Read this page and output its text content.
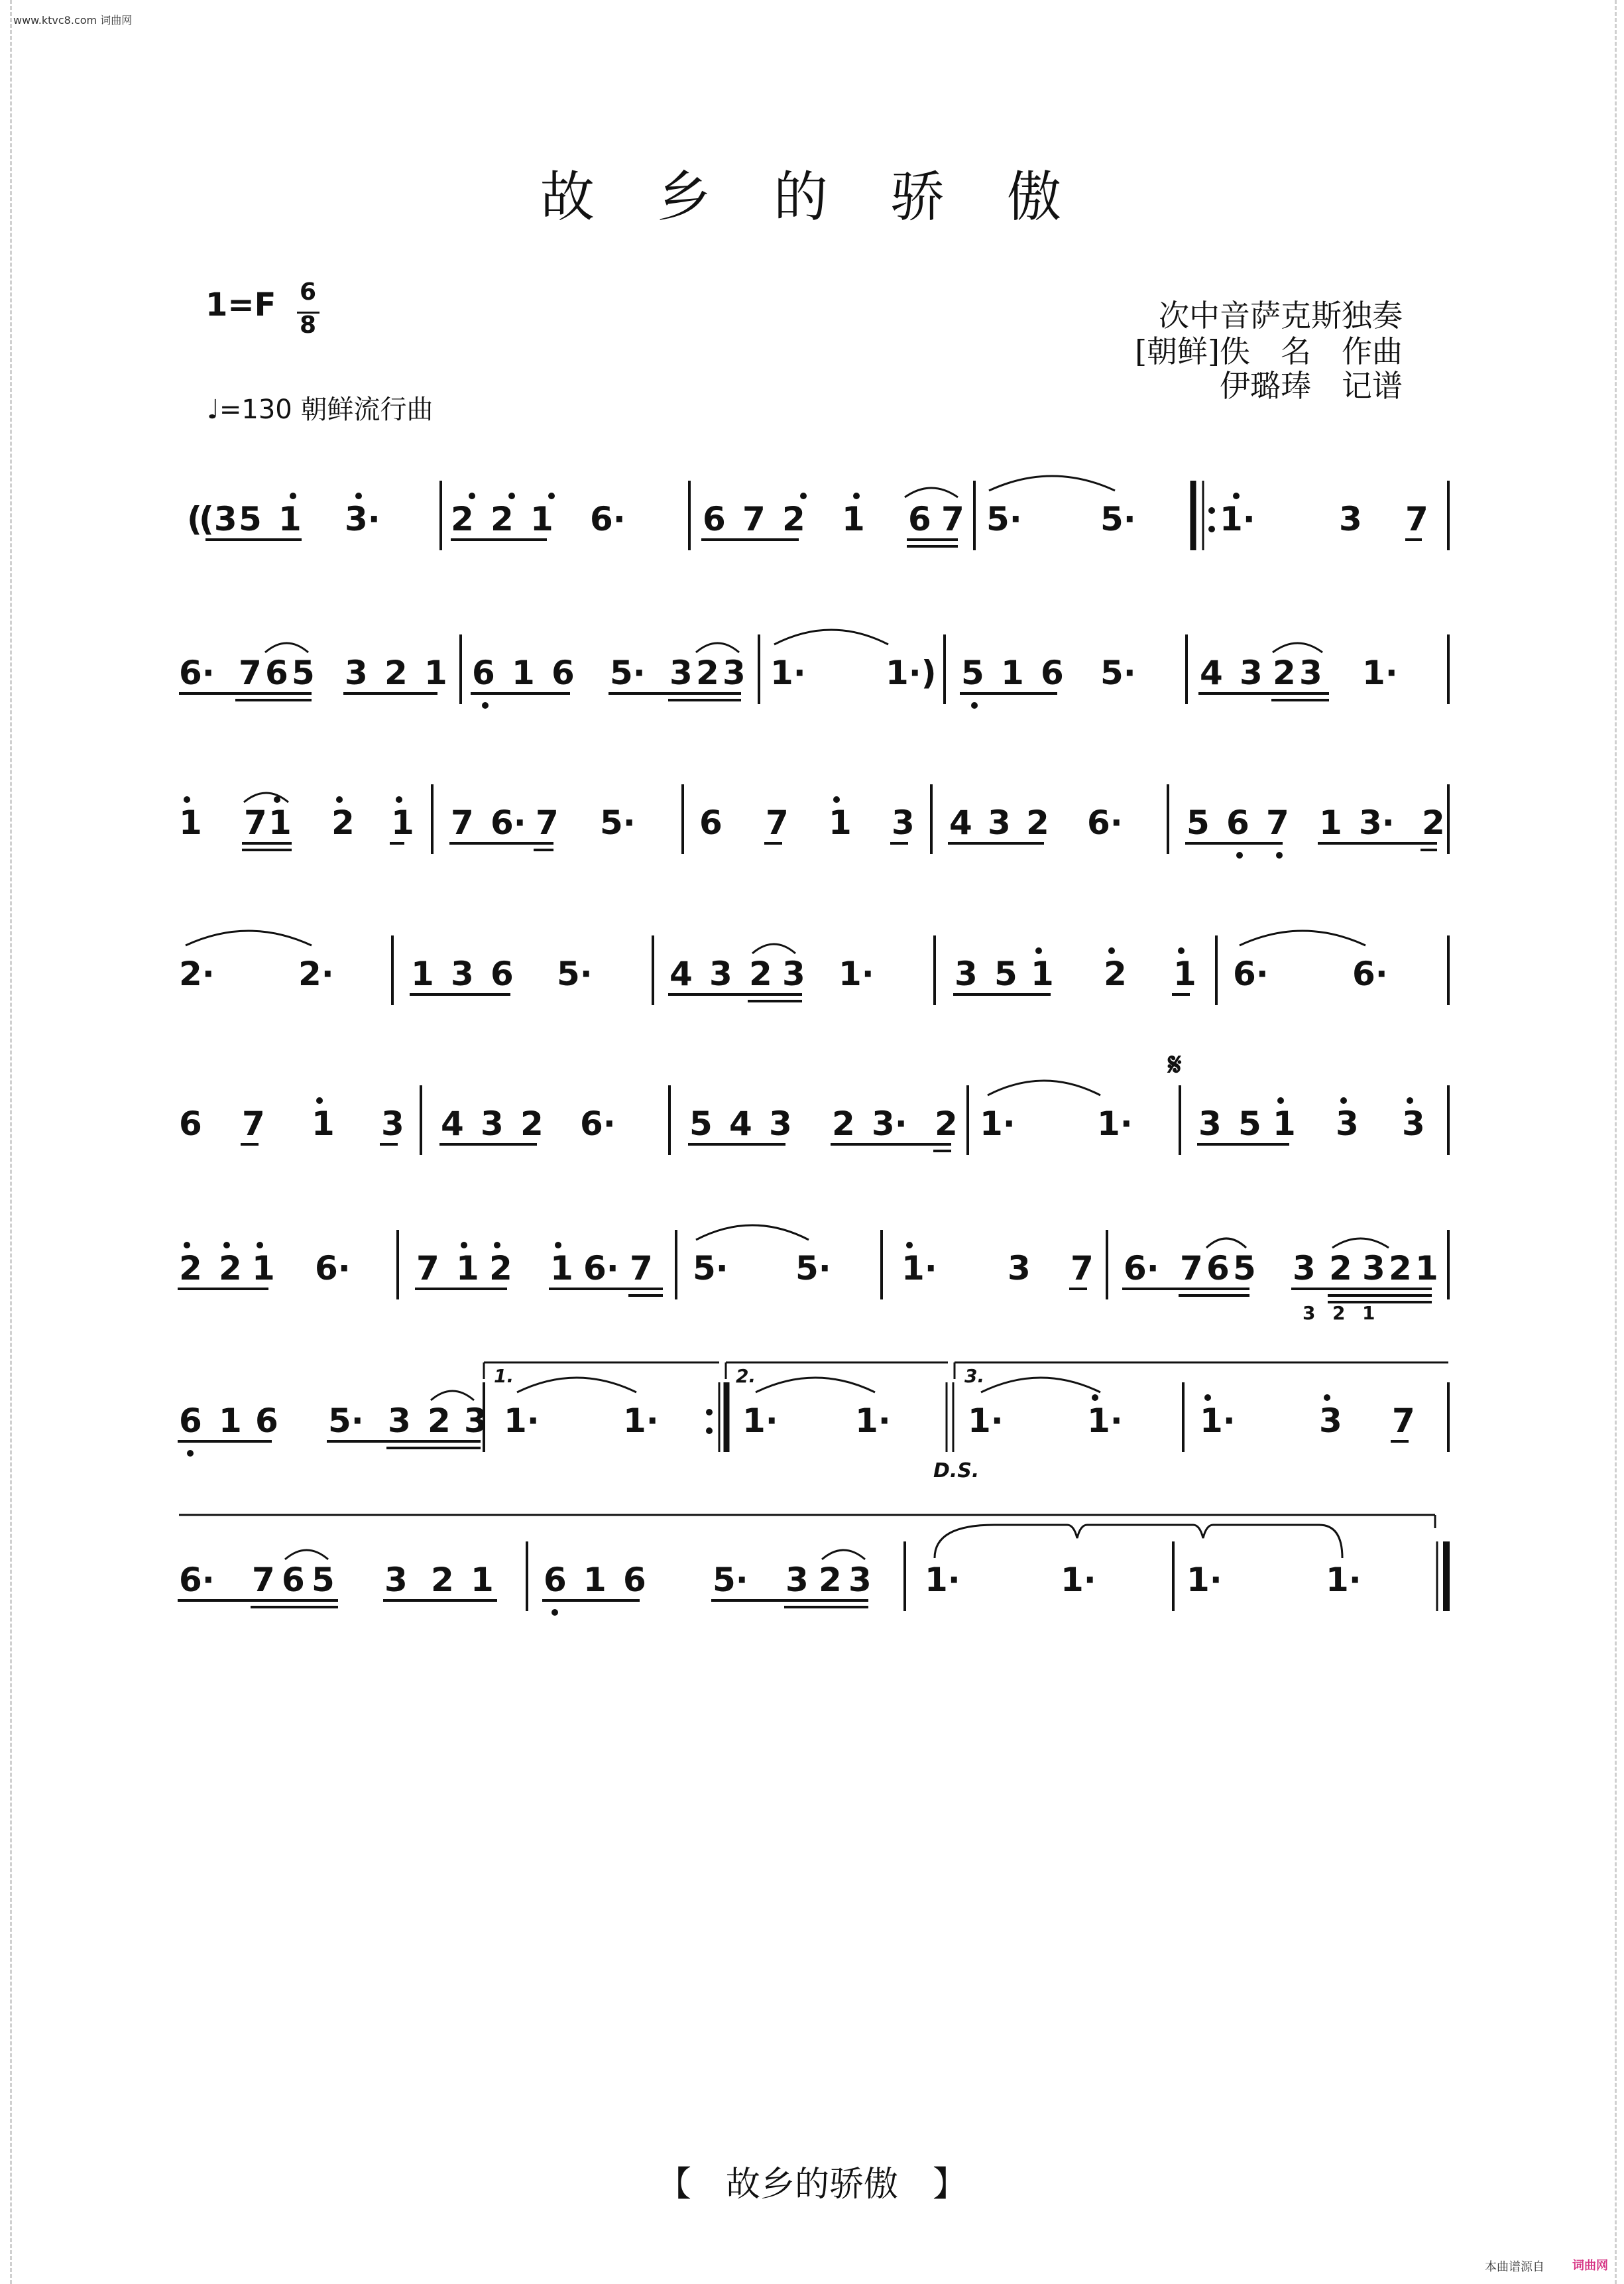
www.ktvc8.com 词曲网
故 乡 的 骄 傲
1=F 6
8
♩=130 朝鲜流行曲
次中音萨克斯独奏
[朝鲜]佚　名　作曲
伊璐琫　记谱
(
(3 5 1 3· 2 2 1 6· 6 7 2 1 6 7 5· 5·	1·	3 7
6· 7 6 5 3 2 1 6 1 6 5· 3 2 3 1· 1·) 5 1 6 5· 4 3 2 3 1·
1 7 1 2 1 7 6· 7 5· 6 7 1 3 4 3 2 6· 5 6 7 1 3· 2
2·	2· 1 3 6 5· 4 3 2 3 1· 3 5 1 2 1 6·	6·
6 7 1 3 4 3 2 6· 5 4 3 2 3· 2 1· 1· 3 5 1 3 3
𝄋
2 2 1 6· 7 1 2 1 6· 7 5· 5· 1· 3 7 6· 7 6 5 3 2 3 2 1
3 2 1
6 1 6 5· 3 2 3 1·	1·	1· 1· 1·	1· 1·	3 7
1.	2.	3.
D.S.
6· 7 6 5 3 2 1 6 1 6 5· 3 2 3 1·	1·	1·	1·
【　故乡的骄傲　】
本曲谱源自 词曲网
